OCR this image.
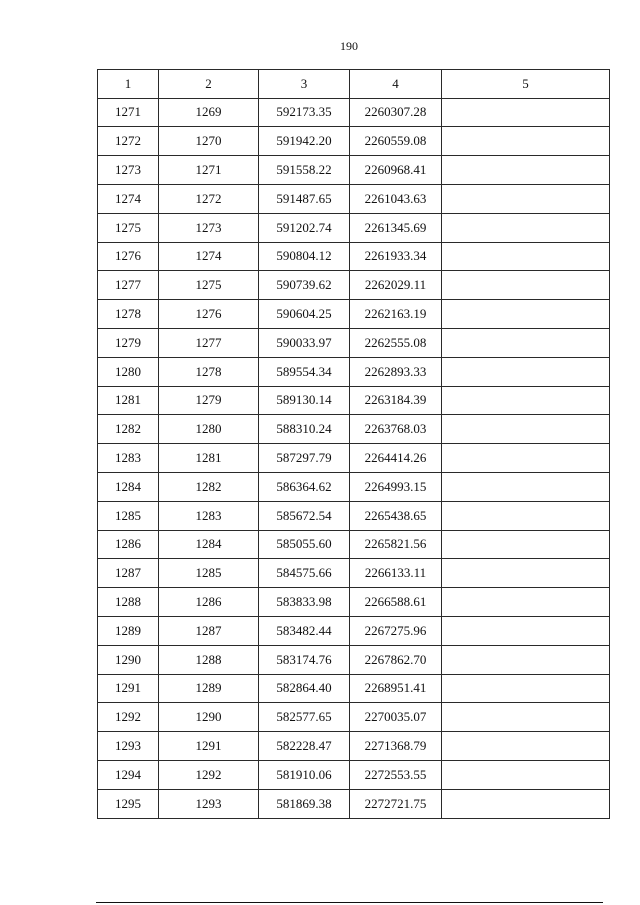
190
1	2	3	4	5
1271	1269	592173.35	2260307.28	
1272	1270	591942.20	2260559.08	
1273	1271	591558.22	2260968.41	
1274	1272	591487.65	2261043.63	
1275	1273	591202.74	2261345.69	
1276	1274	590804.12	2261933.34	
1277	1275	590739.62	2262029.11	
1278	1276	590604.25	2262163.19	
1279	1277	590033.97	2262555.08	
1280	1278	589554.34	2262893.33	
1281	1279	589130.14	2263184.39	
1282	1280	588310.24	2263768.03	
1283	1281	587297.79	2264414.26	
1284	1282	586364.62	2264993.15	
1285	1283	585672.54	2265438.65	
1286	1284	585055.60	2265821.56	
1287	1285	584575.66	2266133.11	
1288	1286	583833.98	2266588.61	
1289	1287	583482.44	2267275.96	
1290	1288	583174.76	2267862.70	
1291	1289	582864.40	2268951.41	
1292	1290	582577.65	2270035.07	
1293	1291	582228.47	2271368.79	
1294	1292	581910.06	2272553.55	
1295	1293	581869.38	2272721.75	
